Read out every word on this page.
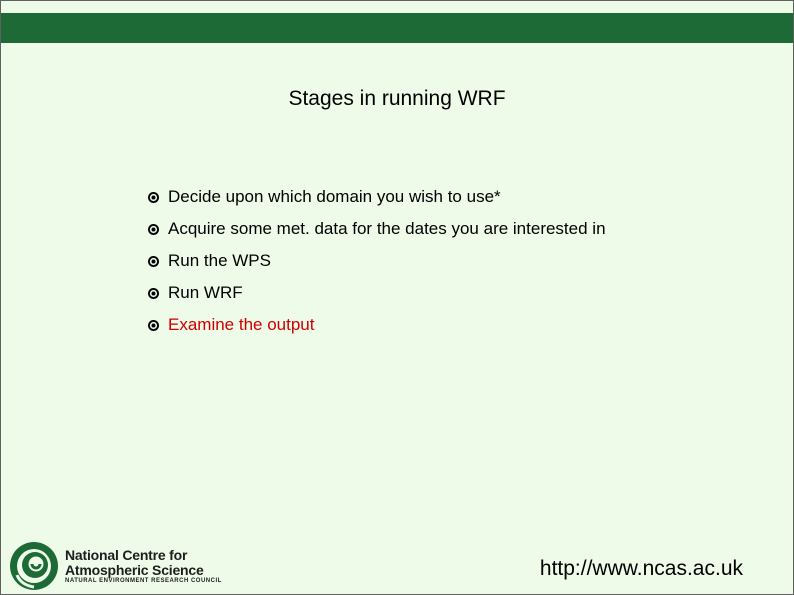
Stages in running WRF
Decide upon which domain you wish to use*
Acquire some met. data for the dates you are interested in
Run the WPS
Run WRF
Examine the output
National Centre for
Atmospheric Science
NATURAL ENVIRONMENT RESEARCH COUNCIL
http://www.ncas.ac.uk
